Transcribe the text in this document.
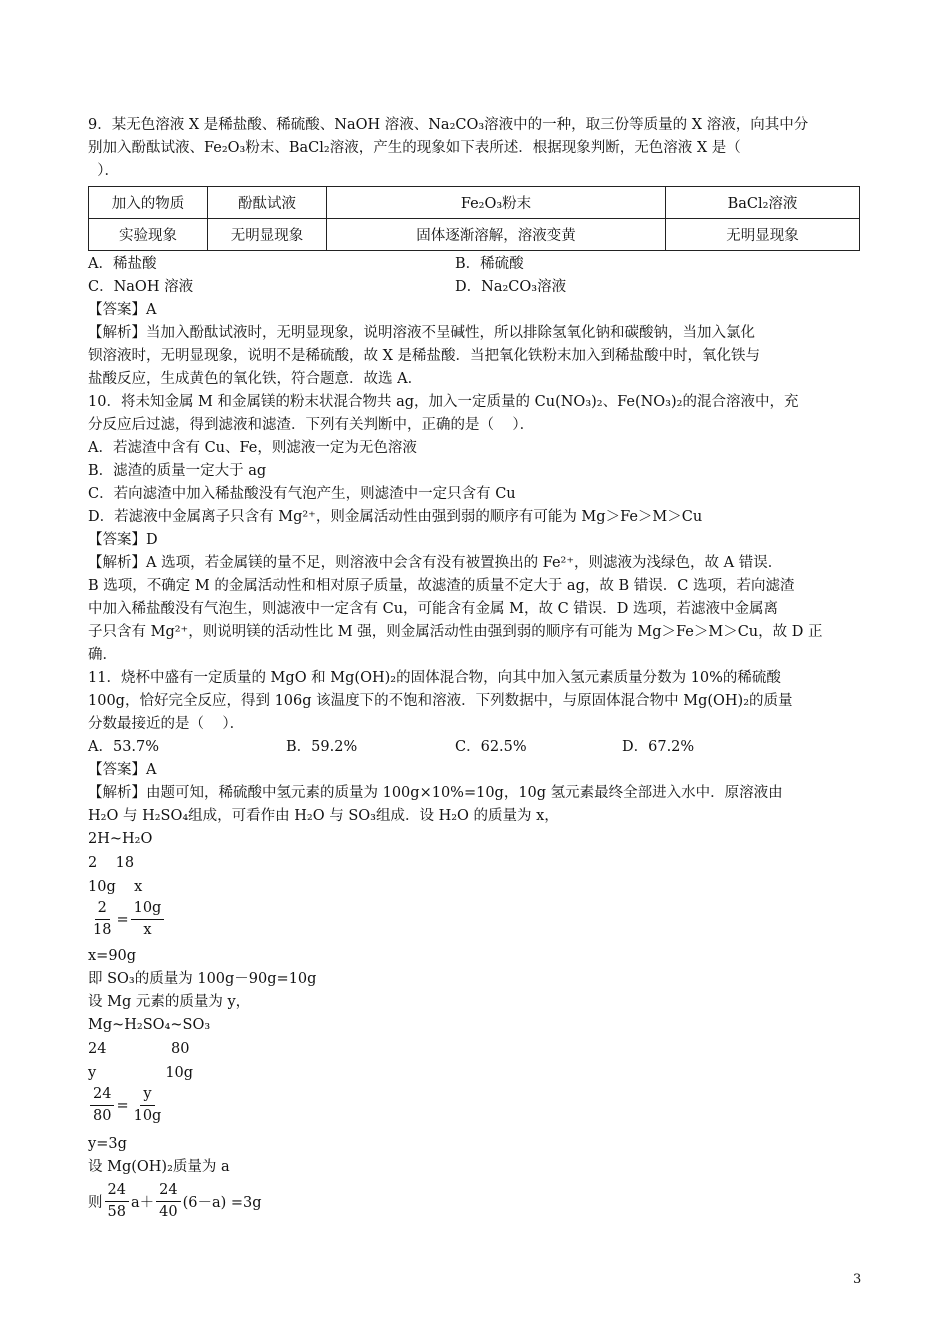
9．某无色溶液 X 是稀盐酸、稀硫酸、NaOH 溶液、Na₂CO₃溶液中的一种，取三份等质量的 X 溶液，向其中分
别加入酚酞试液、Fe₂O₃粉末、BaCl₂溶液，产生的现象如下表所述．根据现象判断，无色溶液 X 是（
）．
加入的物质	酚酞试液	Fe₂O₃粉末	BaCl₂溶液
实验现象	无明显现象	固体逐渐溶解，溶液变黄	无明显现象
A．稀盐酸	B．稀硫酸
C．NaOH 溶液	D．Na₂CO₃溶液
【答案】A
【解析】当加入酚酞试液时，无明显现象，说明溶液不呈碱性，所以排除氢氧化钠和碳酸钠，当加入氯化
钡溶液时，无明显现象，说明不是稀硫酸，故 X 是稀盐酸．当把氧化铁粉末加入到稀盐酸中时，氧化铁与
盐酸反应，生成黄色的氧化铁，符合题意．故选 A．
10．将未知金属 M 和金属镁的粉末状混合物共 ag，加入一定质量的 Cu(NO₃)₂、Fe(NO₃)₂的混合溶液中，充
分反应后过滤，得到滤液和滤渣．下列有关判断中，正确的是（    ）．
A．若滤渣中含有 Cu、Fe，则滤液一定为无色溶液
B．滤渣的质量一定大于 ag
C．若向滤渣中加入稀盐酸没有气泡产生，则滤渣中一定只含有 Cu
D．若滤液中金属离子只含有 Mg²⁺，则金属活动性由强到弱的顺序有可能为 Mg＞Fe＞M＞Cu
【答案】D
【解析】A 选项，若金属镁的量不足，则溶液中会含有没有被置换出的 Fe²⁺，则滤液为浅绿色，故 A 错误．
B 选项，不确定 M 的金属活动性和相对原子质量，故滤渣的质量不定大于 ag，故 B 错误．C 选项，若向滤渣
中加入稀盐酸没有气泡生，则滤液中一定含有 Cu，可能含有金属 M，故 C 错误．D 选项，若滤液中金属离
子只含有 Mg²⁺，则说明镁的活动性比 M 强，则金属活动性由强到弱的顺序有可能为 Mg＞Fe＞M＞Cu，故 D 正
确．
11．烧杯中盛有一定质量的 MgO 和 Mg(OH)₂的固体混合物，向其中加入氢元素质量分数为 10%的稀硫酸
100g，恰好完全反应，得到 106g 该温度下的不饱和溶液．下列数据中，与原固体混合物中 Mg(OH)₂的质量
分数最接近的是（    ）．
A．53.7%	B．59.2%	C．62.5%	D．67.2%
【答案】A
【解析】由题可知，稀硫酸中氢元素的质量为 100g×10%=10g，10g 氢元素最终全部进入水中．原溶液由
H₂O 与 H₂SO₄组成，可看作由 H₂O 与 SO₃组成．设 H₂O 的质量为 x，
2H~H₂O
2    18
10g    x
$\frac{2}{18} = \frac{10g}{x}$
x=90g
即 SO₃的质量为 100g－90g=10g
设 Mg 元素的质量为 y，
Mg~H₂SO₄~SO₃
24              80
y               10g
$\frac{24}{80} = \frac{y}{10g}$
y=3g
设 Mg(OH)₂质量为 a
则 $\frac{24}{58} a+ \frac{24}{40} (6-a) =3g$
3
